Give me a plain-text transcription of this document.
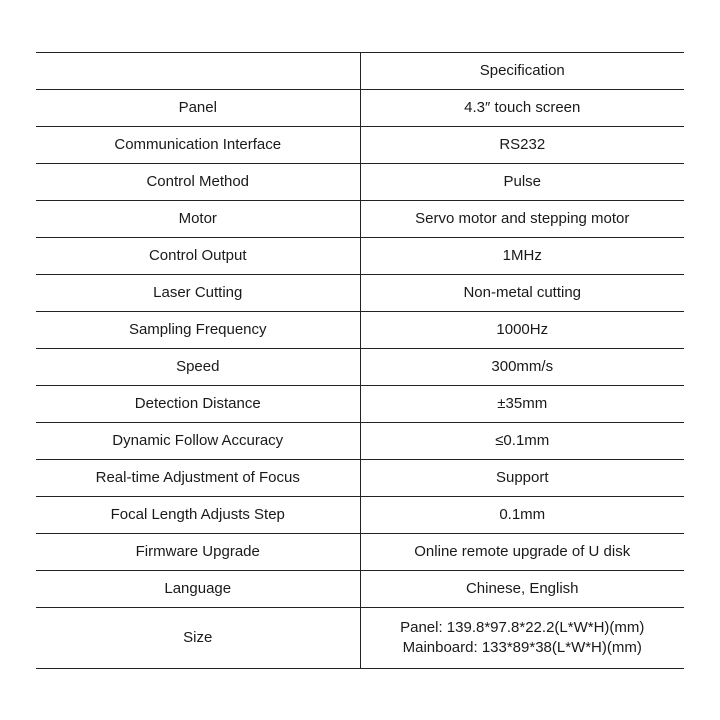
	Specification
Panel	4.3″ touch screen
Communication Interface	RS232
Control Method	Pulse
Motor	Servo motor and stepping motor
Control Output	1MHz
Laser Cutting	Non-metal cutting
Sampling Frequency	1000Hz
Speed	300mm/s
Detection Distance	±35mm
Dynamic Follow Accuracy	≤0.1mm
Real-time Adjustment of Focus	Support
Focal Length Adjusts Step	0.1mm
Firmware Upgrade	Online remote upgrade of U disk
Language	Chinese, English
Size	Panel: 139.8*97.8*22.2(L*W*H)(mm)
Mainboard: 133*89*38(L*W*H)(mm)
